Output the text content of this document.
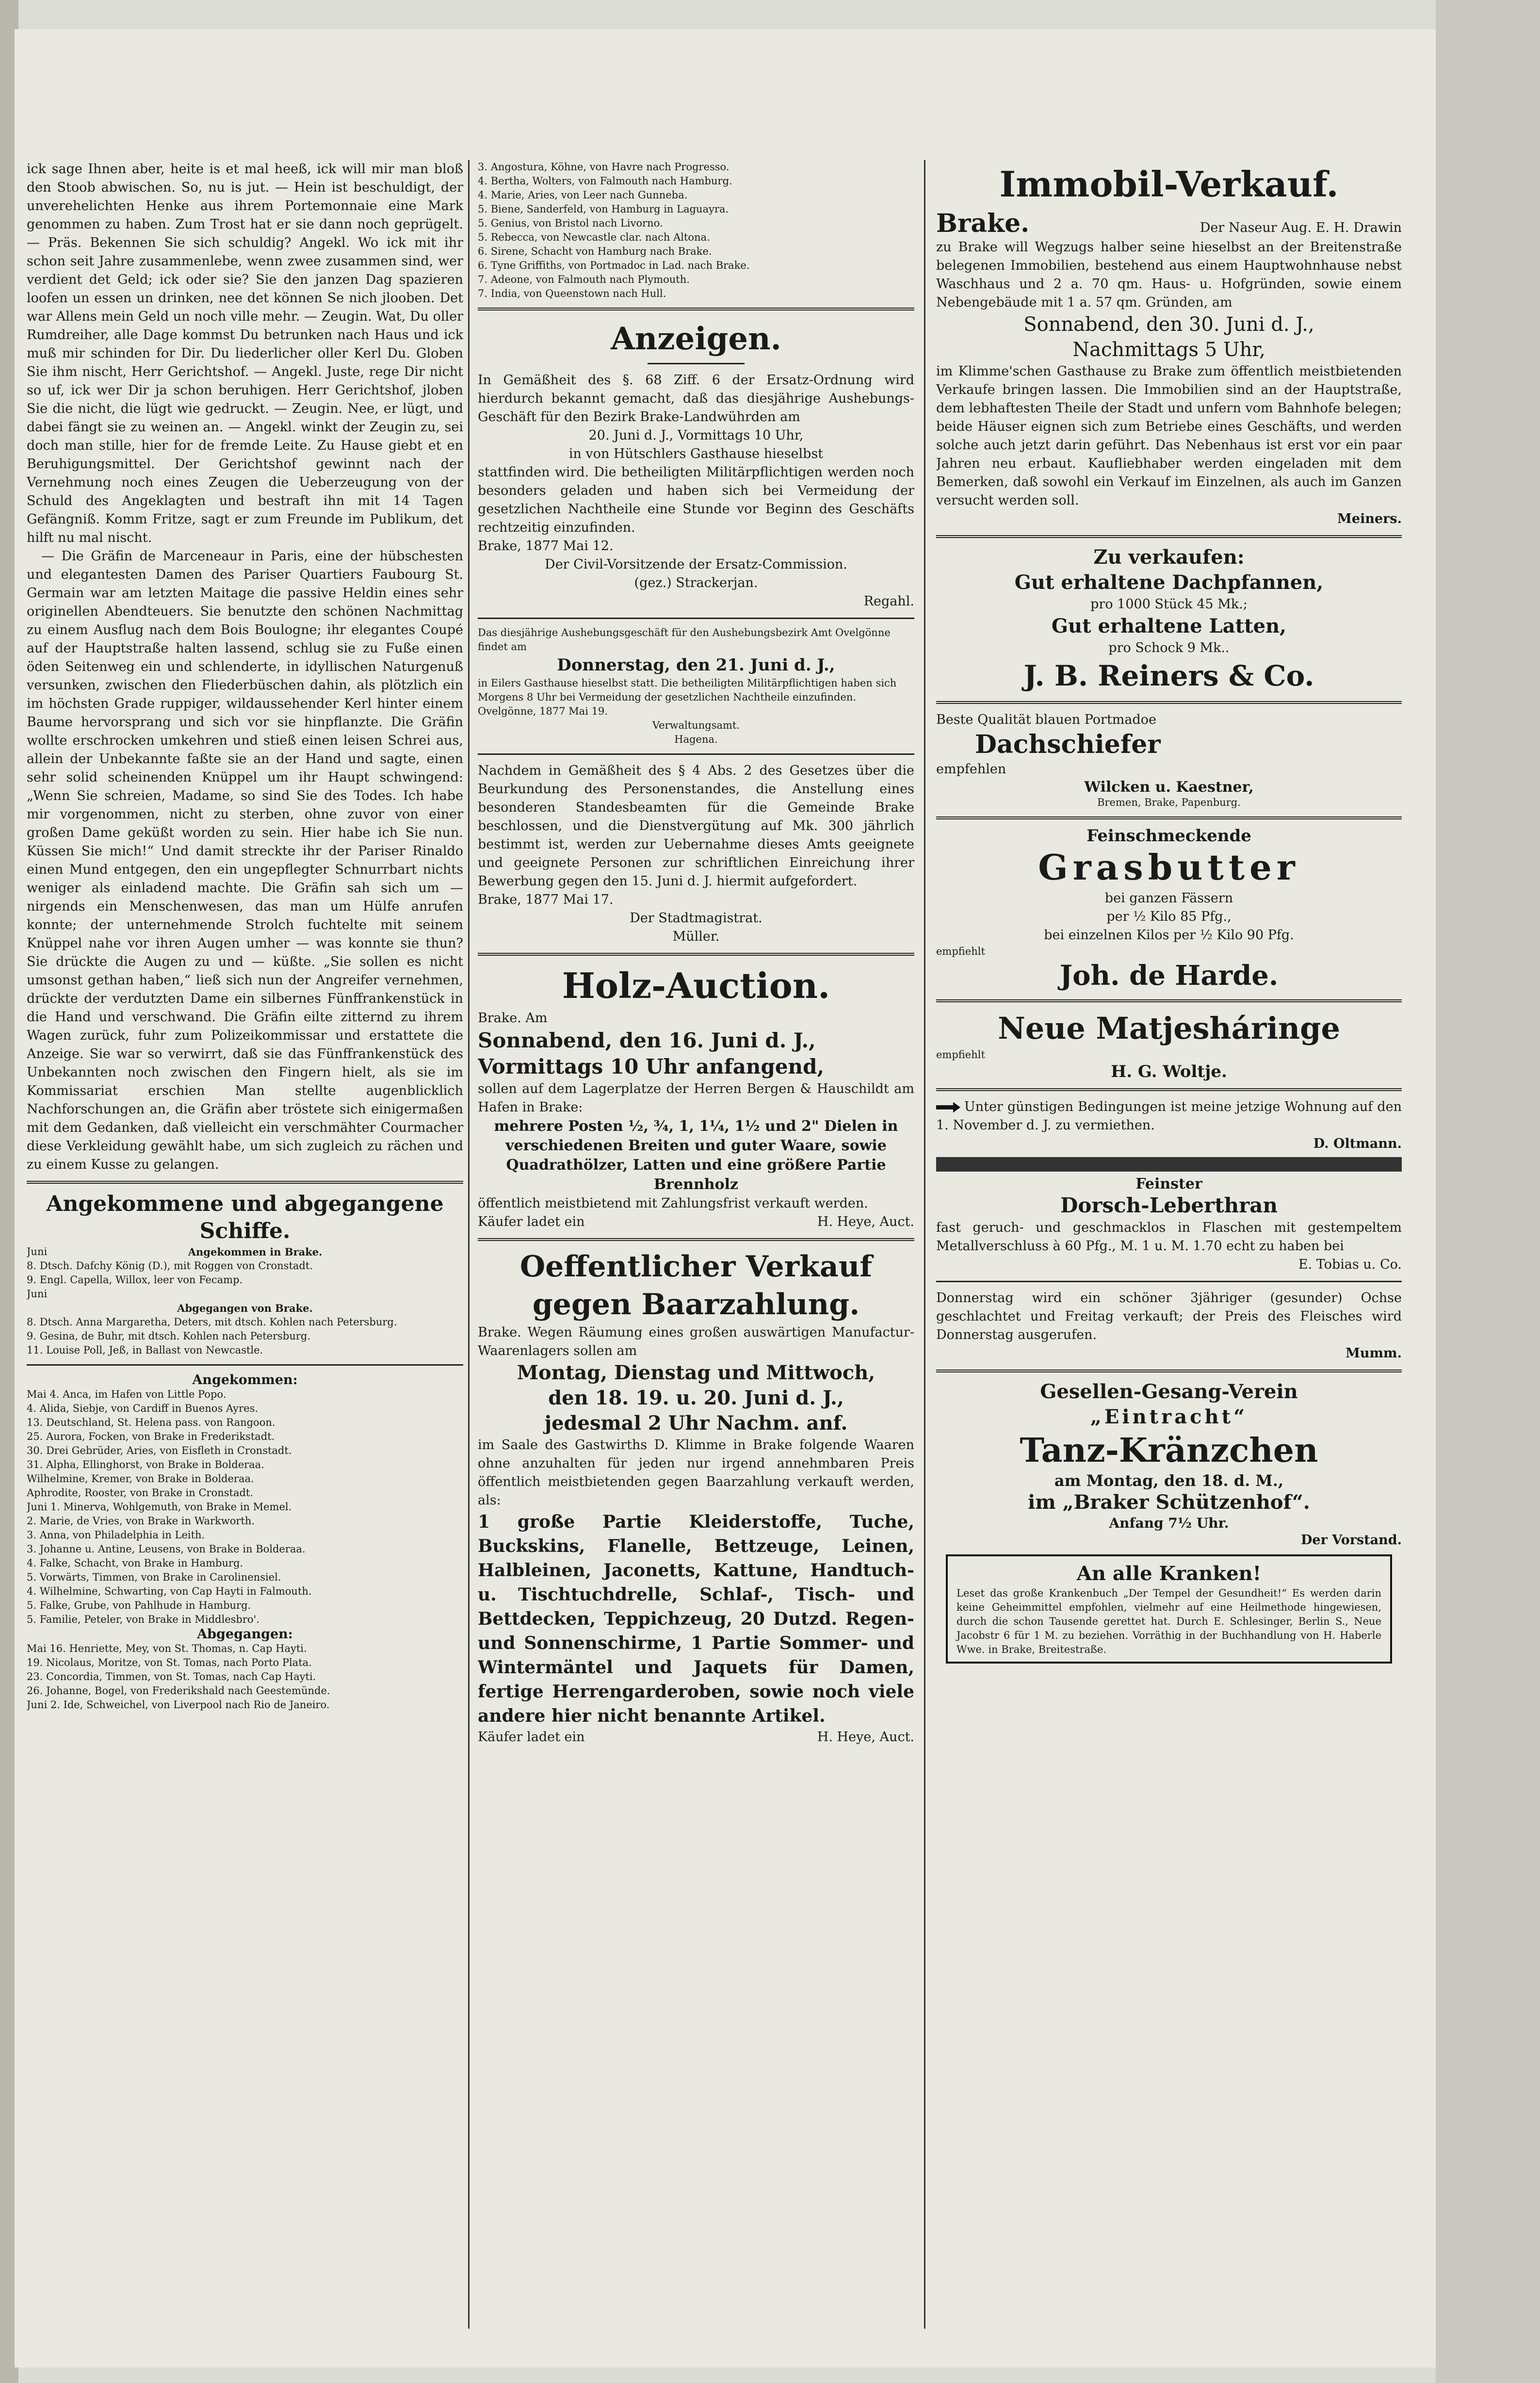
ick sage Ihnen aber, heite is et mal heeß, ick will mir man bloß den Stoob abwischen. So, nu is jut. — Hein ist beschuldigt, der unverehelichten Henke aus ihrem Portemonnaie eine Mark genommen zu haben. Zum Trost hat er sie dann noch geprügelt. — Präs. Bekennen Sie sich schuldig? Angekl. Wo ick mit ihr schon seit Jahre zusammenlebe, wenn zwee zusammen sind, wer verdient det Geld; ick oder sie? Sie den janzen Dag spazieren loofen un essen un drinken, nee det können Se nich jlooben. Det war Allens mein Geld un noch ville mehr. — Zeugin. Wat, Du oller Rumdreiher, alle Dage kommst Du betrunken nach Haus und ick muß mir schinden for Dir. Du liederlicher oller Kerl Du. Globen Sie ihm nischt, Herr Gerichtshof. — Angekl. Juste, rege Dir nicht so uf, ick wer Dir ja schon beruhigen. Herr Gerichtshof, jloben Sie die nicht, die lügt wie gedruckt. — Zeugin. Nee, er lügt, und dabei fängt sie zu weinen an. — Angekl. winkt der Zeugin zu, sei doch man stille, hier for de fremde Leite. Zu Hause giebt et en Beruhigungsmittel. Der Gerichtshof gewinnt nach der Vernehmung noch eines Zeugen die Ueberzeugung von der Schuld des Angeklagten und bestraft ihn mit 14 Tagen Gefängniß. Komm Fritze, sagt er zum Freunde im Publikum, det hilft nu mal nischt.

— Die Gräfin de Marceneaur in Paris, eine der hübschesten und elegantesten Damen des Pariser Quartiers Faubourg St. Germain war am letzten Maitage die passive Heldin eines sehr originellen Abendteuers. Sie benutzte den schönen Nachmittag zu einem Ausflug nach dem Bois Boulogne; ihr elegantes Coupé auf der Hauptstraße halten lassend, schlug sie zu Fuße einen öden Seitenweg ein und schlenderte, in idyllischen Naturgenuß versunken, zwischen den Fliederbüschen dahin, als plötzlich ein im höchsten Grade ruppiger, wildaussehender Kerl hinter einem Baume hervorsprang und sich vor sie hinpflanzte. Die Gräfin wollte erschrocken umkehren und stieß einen leisen Schrei aus, allein der Unbekannte faßte sie an der Hand und sagte, einen sehr solid scheinenden Knüppel um ihr Haupt schwingend: „Wenn Sie schreien, Madame, so sind Sie des Todes. Ich habe mir vorgenommen, nicht zu sterben, ohne zuvor von einer großen Dame geküßt worden zu sein. Hier habe ich Sie nun. Küssen Sie mich!“ Und damit streckte ihr der Pariser Rinaldo einen Mund entgegen, den ein ungepflegter Schnurrbart nichts weniger als einladend machte. Die Gräfin sah sich um — nirgends ein Menschenwesen, das man um Hülfe anrufen konnte; der unternehmende Strolch fuchtelte mit seinem Knüppel nahe vor ihren Augen umher — was konnte sie thun? Sie drückte die Augen zu und — küßte. „Sie sollen es nicht umsonst gethan haben,“ ließ sich nun der Angreifer vernehmen, drückte der verdutzten Dame ein silbernes Fünffrankenstück in die Hand und verschwand. Die Gräfin eilte zitternd zu ihrem Wagen zurück, fuhr zum Polizeikommissar und erstattete die Anzeige. Sie war so verwirrt, daß sie das Fünffrankenstück des Unbekannten noch zwischen den Fingern hielt, als sie im Kommissariat erschien Man stellte augenblicklich Nachforschungen an, die Gräfin aber tröstete sich einigermaßen mit dem Gedanken, daß vielleicht ein verschmähter Courmacher diese Verkleidung gewählt habe, um sich zugleich zu rächen und zu einem Kusse zu gelangen.

Angekommene und abgegangene Schiffe.

Juni	Angekommen in Brake.

8. Dtsch. Dafchy König (D.), mit Roggen von Cronstadt.

9. Engl. Capella, Willox, leer von Fecamp.

Juni

Abgegangen von Brake.

8. Dtsch. Anna Margaretha, Deters, mit dtsch. Kohlen nach Petersburg.

9. Gesina, de Buhr, mit dtsch. Kohlen nach Petersburg.

11. Louise Poll, Jeß, in Ballast von Newcastle.

Angekommen:

Mai 4. Anca, im Hafen von Little Popo.

4. Alida, Siebje, von Cardiff in Buenos Ayres.

13. Deutschland, St. Helena pass. von Rangoon.

25. Aurora, Focken, von Brake in Frederikstadt.

30. Drei Gebrüder, Aries, von Eisfleth in Cronstadt.

31. Alpha, Ellinghorst, von Brake in Bolderaa.

Wilhelmine, Kremer, von Brake in Bolderaa.

Aphrodite, Rooster, von Brake in Cronstadt.

Juni 1. Minerva, Wohlgemuth, von Brake in Memel.

2. Marie, de Vries, von Brake in Warkworth.

3. Anna, von Philadelphia in Leith.

3. Johanne u. Antine, Leusens, von Brake in Bolderaa.

4. Falke, Schacht, von Brake in Hamburg.

5. Vorwärts, Timmen, von Brake in Carolinensiel.

4. Wilhelmine, Schwarting, von Cap Hayti in Falmouth.

5. Falke, Grube, von Pahlhude in Hamburg.

5. Familie, Peteler, von Brake in Middlesbro'.

Abgegangen:

Mai 16. Henriette, Mey, von St. Thomas, n. Cap Hayti.

19. Nicolaus, Moritze, von St. Tomas, nach Porto Plata.

23. Concordia, Timmen, von St. Tomas, nach Cap Hayti.

26. Johanne, Bogel, von Frederikshald nach Geestemünde.

Juni 2. Ide, Schweichel, von Liverpool nach Rio de Janeiro.

3. Angostura, Köhne, von Havre nach Progresso.

4. Bertha, Wolters, von Falmouth nach Hamburg.

4. Marie, Aries, von Leer nach Gunneba.

5. Biene, Sanderfeld, von Hamburg in Laguayra.

5. Genius, von Bristol nach Livorno.

5. Rebecca, von Newcastle clar. nach Altona.

6. Sirene, Schacht von Hamburg nach Brake.

6. Tyne Griffiths, von Portmadoc in Lad. nach Brake.

7. Adeone, von Falmouth nach Plymouth.

7. India, von Queenstown nach Hull.

Anzeigen.

In Gemäßheit des §. 68 Ziff. 6 der Ersatz-Ordnung wird hierdurch bekannt gemacht, daß das diesjährige Aushebungs-Geschäft für den Bezirk Brake-Landwührden am

20. Juni d. J., Vormittags 10 Uhr,

in von Hütschlers Gasthause hieselbst

stattfinden wird. Die betheiligten Militärpflichtigen werden noch besonders geladen und haben sich bei Vermeidung der gesetzlichen Nachtheile eine Stunde vor Beginn des Geschäfts rechtzeitig einzufinden.

Brake, 1877 Mai 12.

Der Civil-Vorsitzende der Ersatz-Commission.

(gez.) Strackerjan.

Regahl.

Das diesjährige Aushebungsgeschäft für den Aushebungsbezirk Amt Ovelgönne findet am

Donnerstag, den 21. Juni d. J.,

in Eilers Gasthause hieselbst statt. Die betheiligten Militärpflichtigen haben sich Morgens 8 Uhr bei Vermeidung der gesetzlichen Nachtheile einzufinden.

Ovelgönne, 1877 Mai 19.

Verwaltungsamt.

Hagena.

Nachdem in Gemäßheit des § 4 Abs. 2 des Gesetzes über die Beurkundung des Personenstandes, die Anstellung eines besonderen Standesbeamten für die Gemeinde Brake beschlossen, und die Dienstvergütung auf Mk. 300 jährlich bestimmt ist, werden zur Uebernahme dieses Amts geeignete und geeignete Personen zur schriftlichen Einreichung ihrer Bewerbung gegen den 15. Juni d. J. hiermit aufgefordert.

Brake, 1877 Mai 17.

Der Stadtmagistrat.

Müller.

Holz-Auction.

Brake. Am

Sonnabend, den 16. Juni d. J.,

Vormittags 10 Uhr anfangend,

sollen auf dem Lagerplatze der Herren Bergen & Hauschildt am Hafen in Brake:

mehrere Posten ½, ¾, 1, 1¼, 1½ und 2" Dielen in verschiedenen Breiten und guter Waare, sowie Quadrathölzer, Latten und eine größere Partie Brennholz

öffentlich meistbietend mit Zahlungsfrist verkauft werden.

Käufer ladet ein	H. Heye, Auct.

Oeffentlicher Verkauf

gegen Baarzahlung.

Brake. Wegen Räumung eines großen auswärtigen Manufactur-Waarenlagers sollen am

Montag, Dienstag und Mittwoch,

den 18. 19. u. 20. Juni d. J.,

jedesmal 2 Uhr Nachm. anf.

im Saale des Gastwirths D. Klimme in Brake folgende Waaren ohne anzuhalten für jeden nur irgend annehmbaren Preis öffentlich meistbietenden gegen Baarzahlung verkauft werden, als:

1 große Partie Kleiderstoffe, Tuche, Buckskins, Flanelle, Bettzeuge, Leinen, Halbleinen, Jaconetts, Kattune, Handtuch- u. Tischtuchdrelle, Schlaf-, Tisch- und Bettdecken, Teppichzeug, 20 Dutzd. Regen- und Sonnenschirme, 1 Partie Sommer- und Wintermäntel und Jaquets für Damen, fertige Herrengarderoben, sowie noch viele andere hier nicht benannte Artikel.

Käufer ladet ein	H. Heye, Auct.

Immobil-Verkauf.

Brake.	Der Naseur Aug. E. H. Drawin

zu Brake will Wegzugs halber seine hieselbst an der Breitenstraße belegenen Immobilien, bestehend aus einem Hauptwohnhause nebst Waschhaus und 2 a. 70 qm. Haus- u. Hofgründen, sowie einem Nebengebäude mit 1 a. 57 qm. Gründen, am

Sonnabend, den 30. Juni d. J.,

Nachmittags 5 Uhr,

im Klimme'schen Gasthause zu Brake zum öffentlich meistbietenden Verkaufe bringen lassen. Die Immobilien sind an der Hauptstraße, dem lebhaftesten Theile der Stadt und unfern vom Bahnhofe belegen; beide Häuser eignen sich zum Betriebe eines Geschäfts, und werden solche auch jetzt darin geführt. Das Nebenhaus ist erst vor ein paar Jahren neu erbaut. Kaufliebhaber werden eingeladen mit dem Bemerken, daß sowohl ein Verkauf im Einzelnen, als auch im Ganzen versucht werden soll.

Meiners.

Zu verkaufen:

Gut erhaltene Dachpfannen,

pro 1000 Stück 45 Mk.;

Gut erhaltene Latten,

pro Schock 9 Mk..

J. B. Reiners & Co.

Beste Qualität blauen Portmadoe

Dachschiefer

empfehlen

Wilcken u. Kaestner,

Bremen, Brake, Papenburg.

Feinschmeckende

Grasbutter

bei ganzen Fässern

per ½ Kilo 85 Pfg.,

bei einzelnen Kilos per ½ Kilo 90 Pfg.

empfiehlt

Joh. de Harde.

Neue Matjesháringe

empfiehlt

H. G. Woltje.

Unter günstigen Bedingungen ist meine jetzige Wohnung auf den 1. November d. J. zu vermiethen.

D. Oltmann.

Feinster

Dorsch-Leberthran

fast geruch- und geschmacklos in Flaschen mit gestempeltem Metallverschluss à 60 Pfg., M. 1 u. M. 1.70 echt zu haben bei

E. Tobias u. Co.

Donnerstag wird ein schöner 3jähriger (gesunder) Ochse geschlachtet und Freitag verkauft; der Preis des Fleisches wird Donnerstag ausgerufen.

Mumm.

Gesellen-Gesang-Verein

„Eintracht“

Tanz-Kränzchen

am Montag, den 18. d. M.,

im „Braker Schützenhof“.

Anfang 7½ Uhr.

Der Vorstand.

An alle Kranken!

Leset das große Krankenbuch „Der Tempel der Gesundheit!“ Es werden darin keine Geheimmittel empfohlen, vielmehr auf eine Heilmethode hingewiesen, durch die schon Tausende gerettet hat. Durch E. Schlesinger, Berlin S., Neue Jacobstr 6 für 1 M. zu beziehen. Vorräthig in der Buchhandlung von H. Haberle Wwe. in Brake, Breitestraße.
